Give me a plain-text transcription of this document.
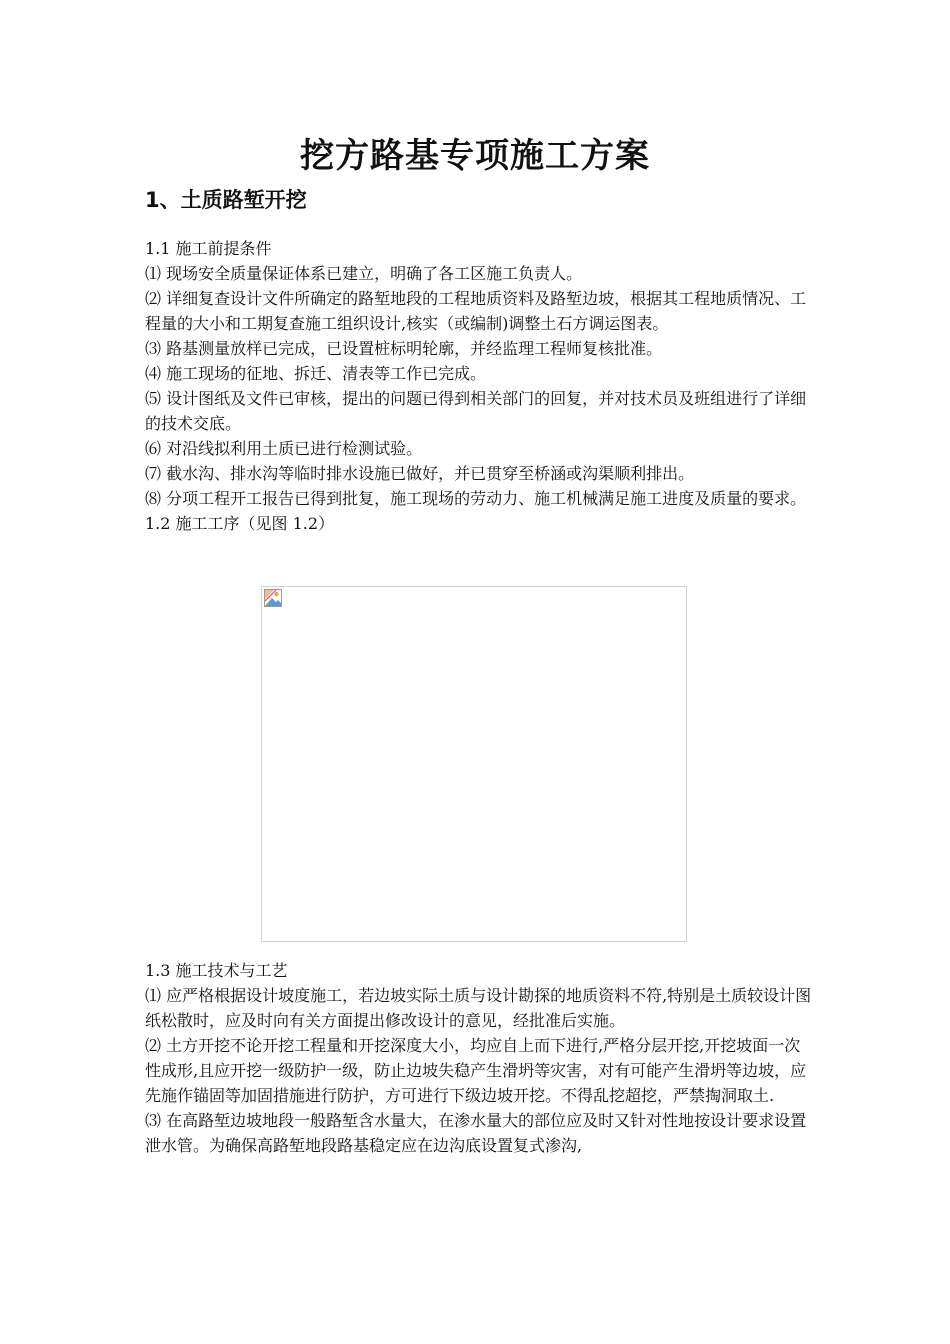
挖方路基专项施工方案
1、土质路堑开挖

1.1 施工前提条件

⑴ 现场安全质量保证体系已建立，明确了各工区施工负责人。

⑵ 详细复查设计文件所确定的路堑地段的工程地质资料及路堑边坡，根据其工程地质情况、工程量的大小和工期复查施工组织设计,核实（或编制)调整土石方调运图表。

⑶ 路基测量放样已完成，已设置桩标明轮廓，并经监理工程师复核批准。

⑷ 施工现场的征地、拆迁、清表等工作已完成。

⑸ 设计图纸及文件已审核，提出的问题已得到相关部门的回复，并对技术员及班组进行了详细的技术交底。

⑹ 对沿线拟利用土质已进行检测试验。

⑺ 截水沟、排水沟等临时排水设施已做好，并已贯穿至桥涵或沟渠顺利排出。

⑻ 分项工程开工报告已得到批复，施工现场的劳动力、施工机械满足施工进度及质量的要求。

1.2 施工工序（见图 1.2）

1.3 施工技术与工艺

⑴ 应严格根据设计坡度施工，若边坡实际土质与设计勘探的地质资料不符,特别是土质较设计图纸松散时，应及时向有关方面提出修改设计的意见，经批准后实施。

⑵ 土方开挖不论开挖工程量和开挖深度大小，均应自上而下进行,严格分层开挖,开挖坡面一次性成形,且应开挖一级防护一级，防止边坡失稳产生滑坍等灾害，对有可能产生滑坍等边坡，应先施作锚固等加固措施进行防护，方可进行下级边坡开挖。不得乱挖超挖，严禁掏洞取土.

⑶ 在高路堑边坡地段一般路堑含水量大，在渗水量大的部位应及时又针对性地按设计要求设置泄水管。为确保高路堑地段路基稳定应在边沟底设置复式渗沟,
